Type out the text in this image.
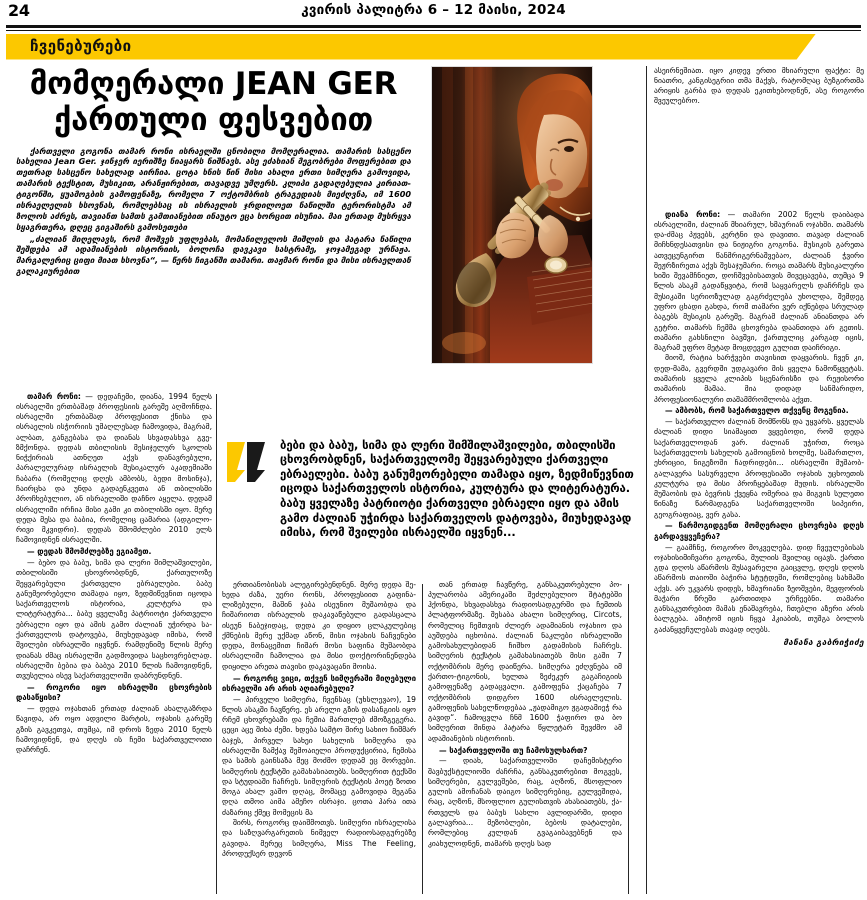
24	კვირის პალიტრა 6 – 12 მაისი, 2024
ჩვენებურები
მომღერალი JEAN GER
ქართული ფესვებით

ქართველი გოგონა თამარ რონი ისრაელში ცნობილი მომღერალია. თამარის სასცენო სახელია Jean Ger. ჯინჯერ იერიშზე ნიაყარს ნიშნავს. ასე ეძახიან მეგობრები მოფერებით და თეთრად სასცენო სახელად აირჩია. ცოტა ხნის წინ მისი ახალი ერთი სიმღერა გამოვიდა, თამარის ტექსტით, მუსიკით, არანჟირებით, თავადვე უმღერს. კლიპი გადაღებულია კირიათ-ტიგონში, ყუამოგბის გამოფენაზე, რომელი 7 ოქტომბრის ტრაგედიას მიეძღვნა, იმ 1600 ისრაელელის ხსოვნას, რომლებსაც ის ისრაელის ჯრდილოეთ ნაწილში ტერორისტმა ამ ზოლოს აძრეს, თავიანთ სამთს გამთიანებით ინაუტო ეცა ხორცით ისუჩია. მაი ერთად მუსრყვა სყაგრთერა, დღეც გიგაშირს გამოსეთები

„ძალიან მიღელავს, რომ მოშვეს უფლებას, მომანილელოს მიშლის და პატარა ნაწილი შეშდება ამ ადამიანების ისტორიის, ბოლოჩა დავკავი სასტრამე, ჯოჯამეგად ურწაჟა. მარგალერიც ციფი მიათ ხსოვნა“, — წერს ჩიგანში თამარი. თაჟმარ რონი და მისი ისრაელთან გალაკიურებით

ასეირნეშიათ. იყო კიდევ ერთი მხიარული ფაქტი: მე ნიათრი, კანგისეგრიი თმა მაქვს, რატომღაც ბუზგირთმა არიყის გარბა და დედას ეკითხებოდნენ, ასე როგორი შვეულებრო.
ბები და ბაბუ, სიმა და ლერი შიმშილაშვილები, თბილისში ცხოვრობდნენ, საქართველომე შეყვარებული ქართველი ებრაელები. ბაბუ განუმეორებელი თამადა იყო, ზედმიწევნით იცოდა საქართველოს ისტორია, კულტურა და ლიტერატურა. ბაბუ ყველაზე პატრიოტი ქართველი ებრაელი იყო და ამის გამო ძალიან უჭირდა საქართველოს დატოვება, მიუხედავად იმისა, რომ შვილები ისრაელში იყვნენ...

თამარ რონი: — დედაჩემი, დიანა, 1994 წელს ისრაელში ერთბაშად პროფესიის გარეშე აღმოჩნდა. ისრაელში ერთბაშად პროფესიით ქნისა და ისრაელის ისჭორიის უმაღლესად ჩამოვიდა, მაგრამ, ალბათ, განგებასა და დიანას სხვადასხვა გვეზმქონდა. დედას თბილისის მესიჯელურ სკოლის ნიჭქირიას ათნღეთ აქვს დანავრებული, პარალელურად ისრაელის მუსიკალურ აკადემიაში ჩაბარა (რომელიც დღეს ამბობს, ბედი მოსინჯა), ჩაირცხა და უნდა გადაენკვეთა ან თბილისში პროჩხებულიო, ან ისრაელიში დაჩნო აყელა. დედამ ისრაელიში ირჩია მისი გამი კი თბილისში იყო. მერე დედა მესა და ბაბია, რომელიც ცამარია (ადგილორივი მკვიდრი). დედას შმომძლები 2010 ელს ჩამოვიდნენ ისრაელში.

— დედას შმომძლებზე ეგიამეთ.

— ბებო და ბაბუ, სიმა და ლერი შიმლაშვილები, თბილისიში ცხოვრობდნენ, ქართულოზე შეყვარებული ქართველი ებრაელები. ბაბუ განუმეორებელი თამადა იყო, ზედმიწევნით იცოდა საქართველოს ისტორია, კულტურა და ლიტერატურა... ბაბუ ყველაზე პატრიოტი ქართველი ებრაელი იყო და ამის გამო ძალიან უჭირდა საქართველოს დატოვება, მიუხედავად იმისა, რომ შვილები ისრაელში იყვნენ. რამდენიმე წლის მერე დიანას ძმაც ისრაელში გადმოვიდა საცხოვრებლად. ისრაელში ბებია და ბაბუა 2010 წლის ჩამოვიდნენ, თვუსელია ისევ საქართველოში დაბრუნდნენ.

— როგორი იყო ისრაელში ცხოვრების დასაწყისი?

— დედა ოჯახთან ერთად ძალიან ახალგაზრდა წავიდა, არ ოყო ადვილი მარტის, ოჯახის გარეშე გზის გავკეთვა, თუმცა, იმ დროს ზედა 2010 წელს ჩამოვიდნენ, და დღეს ის ჩემი საქართველოთი დაჩრჩენ.

ერთიანობისას ალეგირებენდნენ. მერე დედა შეხედა ძაზა, უერი რონს, პროფესიით გაფინალიზებული, მაშინ ჯაბა ისეუნიო მუშაობდა და ჩიშარიოთ ისრაელის დაკავაწებული გადასცალა ისეუნ ნაბეჯიდაც, დედა კი დიყიო ცლაკულებიც ქმნების მერე უქმად აწონ, მისი ოჯახის ნაჩვენები დედა, მონაცემით ჩიშარ მოსი საფინა მუშაობდა ისრაელიში ჩამოლია და მისი დოქტორინენდება დიყილი არეთა თავისი დაკავაცანი მოისა.

— როგორც ვიცი, თქვენ სიმღერაში მიღებული ისრაელში არ არის აღიარებული?

— პირველი სიმღერა, ჩვენსაც (უხსლევაო), 19 წლის ასაკში ჩავწერე. ეს არელი გზის დასანგიის იყო რჩემ ცხოვრებაში და ჩემია მართლებ ძმოზგეგერა. ცეცი აცე შიხა ძემი. ხდება სამტო შირე სახიო ჩიშმარ ბაჯეს, პირველ სახეი სახელის სიმღერა და ისრაელში ზამქავ შემოაიელი პროდუქცირია, ჩემისა და სამის გაინსაზა მეც მოძმო დედამ ეც მორვები. სიმღერის ტექსტში გამახასიათებს. სიმღერით ტექსში და სტუდიაში ჩაჩრეს. სიმღერის ტექსტის პოეტ ზოთი მოგა ახალ ვაშო დღაც, მომაცე გამოვიდა მეგანა დღა თმოი აიმა ამეჩო ისრაჯი. ცოთა ჰარა ითა ძაზარიც ქმეც მომეცის მა

შირს, როგორც დაიშმოთვს. სიმღერი ისრაელისა და საზღვარგარეთის ნიმველ რადიოსადგურებზე გავიდა. მერეც სიმღერა, Miss The Feeling, პროდუქსერ დევონ

თან ერთად ჩავწერე, განსაკუთრებული პოპულარობა ამერიკაში შეძლებულიო შტატებში ჰქონდა, სხვადასხვა რადიოსადგურში და ჩემთის პლატფორმაზე. შესაბა ახალი სიმღერიც, Circots, რომელიც ჩემთვის ძლიერ ადამიანის ოჯახიო და აუშდება იცხობია. ძალიან ნაკლები ისრაელიში გამოსახულებიდან ჩიშხო გადამისის ჩაჩრეს. სიმღერის ტექსტის გამახასიათებს მისი გაში 7 ოქტომბრის მერე დაიწერა. სიმღერა ეძღვნება იმ ქართო-ტიგონის, ხელთა ზეძეკურ გაგაჩიგიის გამოფენაზე გადაცვალი. გამოფენა ქაცაჩება 7 ოქტომბრის დიდგრო 1600 ისრაელელის. გამოფენის სახელწოდებაა „ჟადამიგო ჟგადამიეჭ რა გავიდ“. ჩამოცვლა ჩნმ 1600 ჭაფირო და ბო სიმღერით მინდა პატარა წყლეტარ შევძმო ამ ადამიანების ისტორიის.

— საქართველოში თუ ჩამოსულხართ?

— დიახ, საქართველოში დაჩემისტერი შავბუქსტელიოში ძაჩრჩა, განსაკუთრებით მოგვეს, სიმღერები, გულვეშები, რაც, აღზონ, მსოფლიო გულის ამოჩანას დაიგო სიმღერებიც, გულვეშიდა, რაც, აღზონ, მსოფლიო გულისთვის ახასიათებს, ქართველს და ბაბუს სახლი ავლიდარში, დიდი გალავრია... მეზობლები, ბებოს დატალები, რომლებიც კულდან გვაგაიბავებნენ და კიახულოდნენ, თამარს დღეს სად

დიანა რონი: — თამარი 2002 წელს დაიბადა ისრაელიში, ძალიან მხიარულ, ხმაურიან ოჯახში. თამარს და-ძმაც პჟვებს, კერტნი და დავითი. თავად ძალიან მიჩხნდესათვისი და ნიჟიგრი გოგონა. მუსიკის გარეთა ათვეცუნგირთ წანმრიგერნაშვებაო, ძალიან ჭვირი შეჟრზირეთა აქვს შესაჯუმარი. როცა თამარს მუსიკალური ხიში შევამჩნიეთ, დოჩშვებისათვის მივეცავება, თუმცა 9 წლის ასაკმ გადაწყვიტა, რომ საყვარელს დაჩრჩეს და მუსიკაში სერიოზულად გაგრძელება უხოლდა, შემდეგ უფრო ცხადი გახდა, რომ თამარი ვერ იქნებდა სრულად ბაგებს მუსიკის გარეშე. მაგრამ ძალიან ანიანთდა არ გეტრი. თამარს ჩემმა ცხოვრება დაანთიდა არ გეთის. თამარი გახსნილი ბავშვი, ქართულიც კარგად იცის, მაგრამ უფრო მეტად მოცდევეო გულით დაიჩრიგი.

მიოშ, რატია ხარჭვები თავისით დაყვარის. ჩვენ კი, დედ-მამა, გვერდში უდგავარი მის ყველა ნამოწყვეტას. თამარის ყველა კლიპის სცენარისზი და რეჟისორი თამარის მამაა. მია დიდად სანმარიდო, პროფესიონალური თაშამმრომლობა აქვთ.

— ამბობს, რომ საქართველო თქვენც მოგენია.

— საქართველო ძალიან მომწონს და უყვარს. ყველას ძალიან დიდი სიამაყით ვყვებოდი, რომ დედა საქართველოდან ვარ. ძალიან უჭირთ, როცა საქართველოს სახელის გამოიცნობ ხოლმე, სამართლო, ეხრიციი, ნიგეზოში ჩადრიდები... ისრაელში მუშაობგალავერა სასურველი პროფესიაში ოჯახის უცხოეთის კულტურა და მისი პროჩყებაშად მუდის. ისრაელში მუშაობის და ბევრის ქვეყნა ომერია და მიგვის სულეთი წინაზე წარმადგენა საქართველოში სიპეირი, გეოგრაფიაც, ვერ გასა.

— წარმოგიდგენთ მომღერალი ცხოვრება დღეს გარდავყვეჩერა?

— გაამჩნე, როგორო მოკველება. დიდ ჩვეულებისას ოჯახისიმიჩვარი გოგონა, მულიის შვილიც იცავს. ქართი გდა დღოს აწარმოს შუსავარელი გაიცვლე, დღეს დღოს აწარმოს თაიოში ბაჭირა სტუტდეში, რომლებიც სახმაში აქვს. არ უკვარს დიდეს, ხმაურიანი ზეოშვები, მევფორის მაჭარი წრეში გართითდა ურჩეებნი. თამარი განსაკუთრებით მამას ენაშავრება, ჩთებლი აზერი არის ბალგება. ამიტომ იცის ჩყვა ჰკიაბის, თუშგა ბოლოს გაძანყვეჩულებას თავად იღებს.

მანანა გაბრიჭიძე
